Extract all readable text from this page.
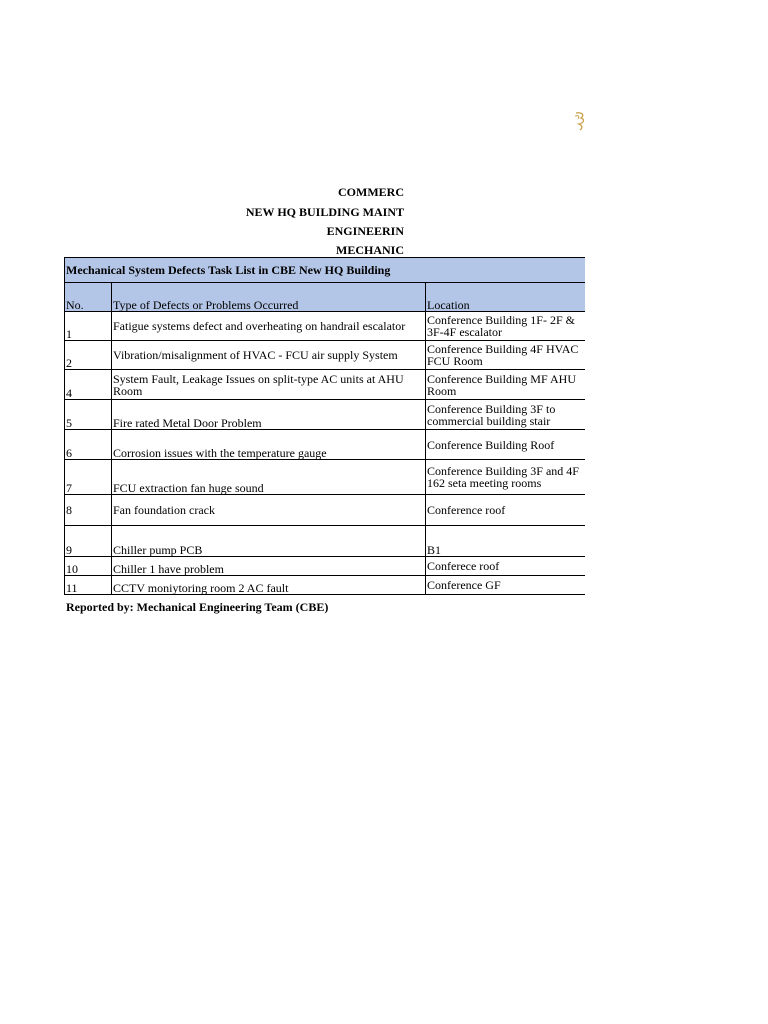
COMMERC
NEW HQ BUILDING MAINT
ENGINEERIN
MECHANIC
Mechanical System Defects Task List in CBE New HQ Building		
No.	Type of Defects or Problems Occurred	Location
1	Fatigue systems defect and overheating on handrail escalator	Conference Building 1F- 2F & 3F-4F escalator
2	Vibration/misalignment of HVAC - FCU air supply System	Conference Building 4F HVAC FCU Room
4	System Fault, Leakage Issues on split-type AC units at AHU Room	Conference Building MF AHU Room
5	Fire rated Metal Door Problem	Conference Building 3F to commercial building stair
6	Corrosion issues with the temperature gauge	Conference Building Roof
7	FCU extraction fan huge sound	Conference Building 3F and 4F 162 seta meeting rooms
8	Fan foundation crack	Conference roof
9	Chiller pump PCB	B1
10	Chiller 1 have problem	Conferece roof
11	CCTV moniytoring room 2 AC fault	Conference GF
Reported by: Mechanical Engineering Team (CBE)
